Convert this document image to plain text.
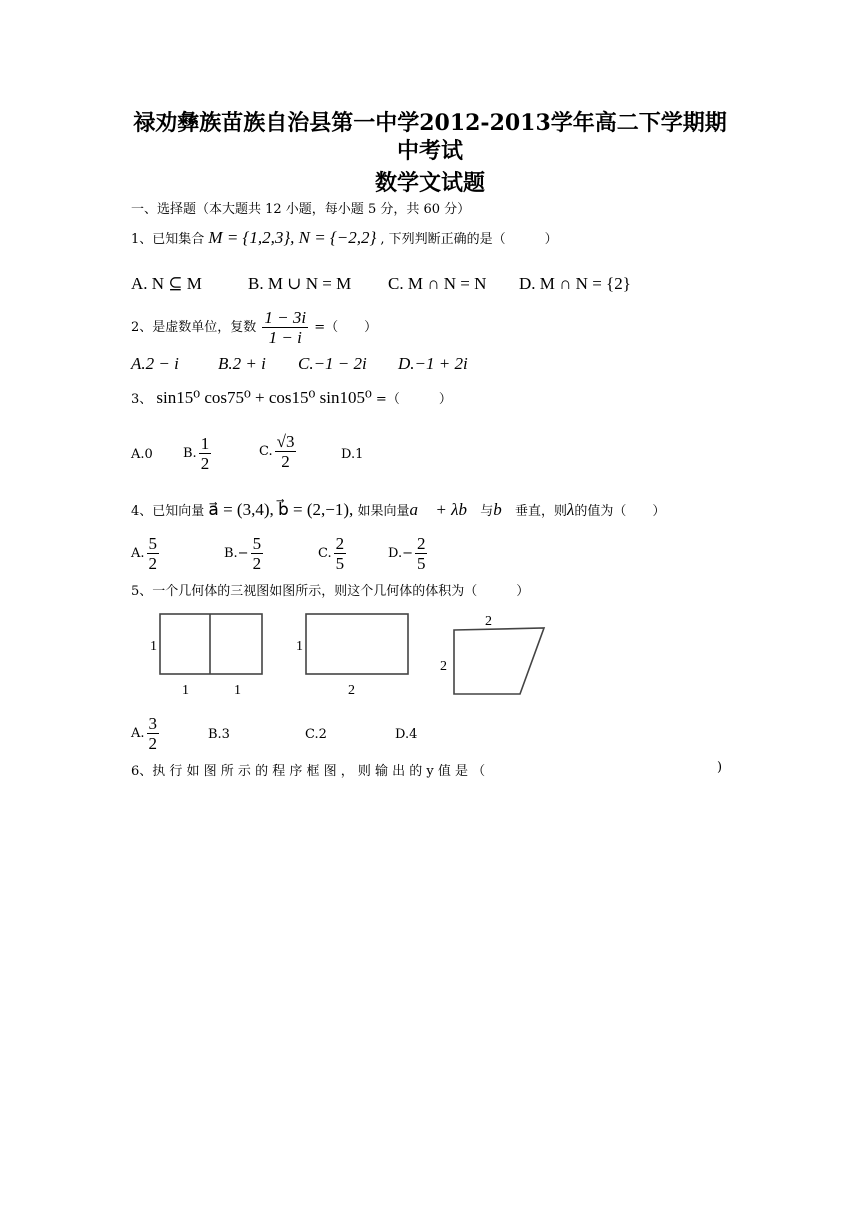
禄劝彝族苗族自治县第一中学2012-2013学年高二下学期期
中考试
数学文试题
一、选择题（本大题共 12 小题，每小题 5 分，共 60 分）
1、已知集合 M = {1,2,3}, N = {−2,2} , 下列判断正确的是（　　　）
A. N ⊆ M	B. M ∪ N = M C. M ∩ N = N D. M ∩ N = {2}
2、是虚数单位，复数 $\frac{1 - 3i}{1 - i}$ =（　　）
A.2 − i B.2 + i C.−1 − 2i D.−1 + 2i
3、 sin15⁰ cos75⁰ + cos15⁰ sin105⁰ =（　　　）
A.0 B. $\frac{1}{2}$	C. $\frac{√3}{2}$	D.1
4、已知向量 a⃗ = (3,4), b⃗ = (2,−1), 如果向量a⃗ + λb⃗与b⃗垂直，则λ的值为（　　）
A. $\frac{5}{2}$	$B.- \frac{5}{2}$	C. $\frac{2}{5}$	$D.- \frac{2}{5}$
5、一个几何体的三视图如图所示，则这个几何体的体积为（　　　）
1
1	1
1
2
2
2
A. $\frac{3}{2}$	B.3	C.2	D.4
6、执 行 如 图 所 示 的 程 序 框 图 ， 则 输 出 的 y 值 是 （	)
